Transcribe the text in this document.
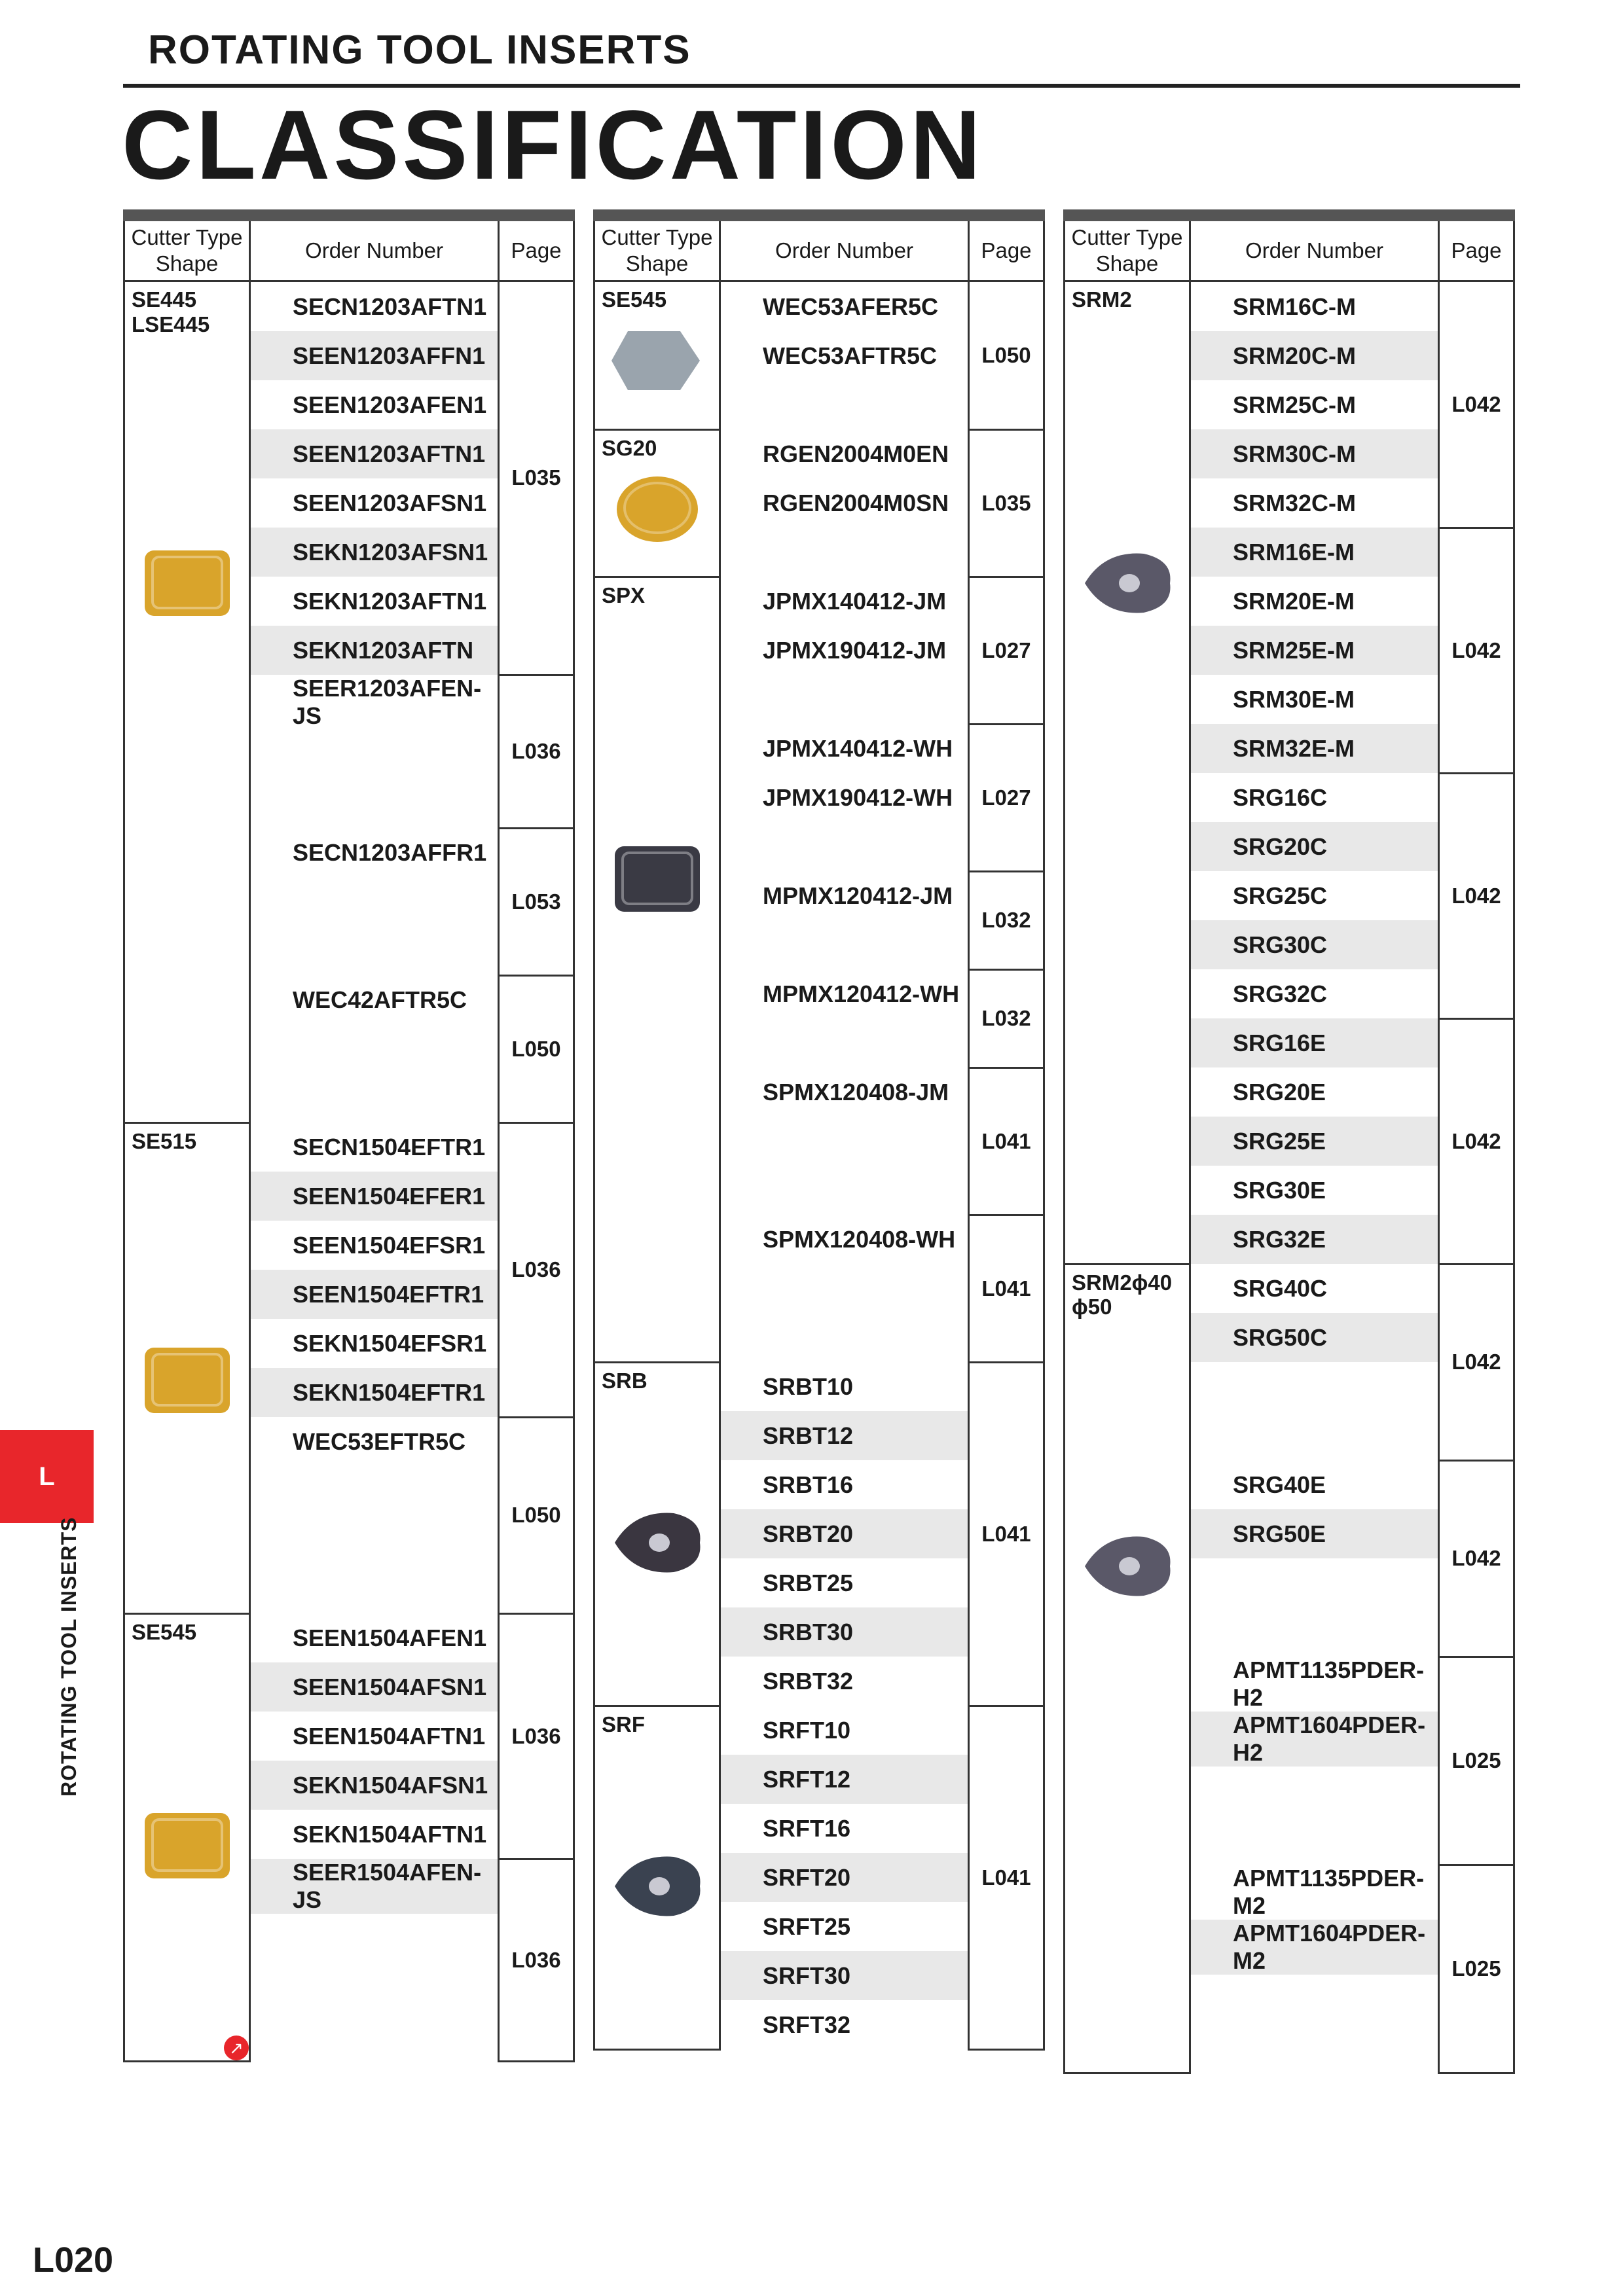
ROTATING TOOL INSERTS
CLASSIFICATION
Cutter Type
Shape	Order Number	Page

SE445
LSE445	SECN1203AFTN1	L035
	SEEN1203AFFN1	
	SEEN1203AFEN1	
	SEEN1203AFTN1	
	SEEN1203AFSN1	
	SEKN1203AFSN1	
	SEKN1203AFTN1	
	SEKN1203AFTN	
	SEER1203AFEN-JS	L036

	SECN1203AFFR1	L053

	WEC42AFTR5C	L050

SE515	SECN1504EFTR1	L036
	SEEN1504EFER1	
	SEEN1504EFSR1	
	SEEN1504EFTR1	
	SEKN1504EFSR1	
	SEKN1504EFTR1	
	WEC53EFTR5C	L050

SE545
↗	SEEN1504AFEN1	L036
	SEEN1504AFSN1	
	SEEN1504AFTN1	
	SEKN1504AFSN1	
	SEKN1504AFTN1	
	SEER1504AFEN-JS	L036

Cutter Type
Shape	Order Number	Page

SE545	WEC53AFER5C	L050
	WEC53AFTR5C	

SG20	RGEN2004M0EN	L035
	RGEN2004M0SN	

SPX	JPMX140412-JM	L027
	JPMX190412-JM	

	JPMX140412-WH	L027
	JPMX190412-WH	

	MPMX120412-JM	L032

	MPMX120412-WH	L032

	SPMX120408-JM	L041

	SPMX120408-WH	L041

SRB	SRBT10	L041
	SRBT12	
	SRBT16	
	SRBT20	
	SRBT25	
	SRBT30	
	SRBT32	

SRF	SRFT10	L041
	SRFT12	
	SRFT16	
	SRFT20	
	SRFT25	
	SRFT30	
	SRFT32	
Cutter Type
Shape	Order Number	Page

SRM2	SRM16C-M	L042
	SRM20C-M	
	SRM25C-M	
	SRM30C-M	
	SRM32C-M	
	SRM16E-M	L042
	SRM20E-M	
	SRM25E-M	
	SRM30E-M	
	SRM32E-M	
	SRG16C	L042
	SRG20C	
	SRG25C	
	SRG30C	
	SRG32C	
	SRG16E	L042
	SRG20E	
	SRG25E	
	SRG30E	
	SRG32E	

SRM2ϕ40
ϕ50	SRG40C	L042
	SRG50C	

	SRG40E	L042
	SRG50E	

	APMT1135PDER-H2	L025
	APMT1604PDER-H2	

	APMT1135PDER-M2	L025
	APMT1604PDER-M2	

L
ROTATING TOOL INSERTS
L020
